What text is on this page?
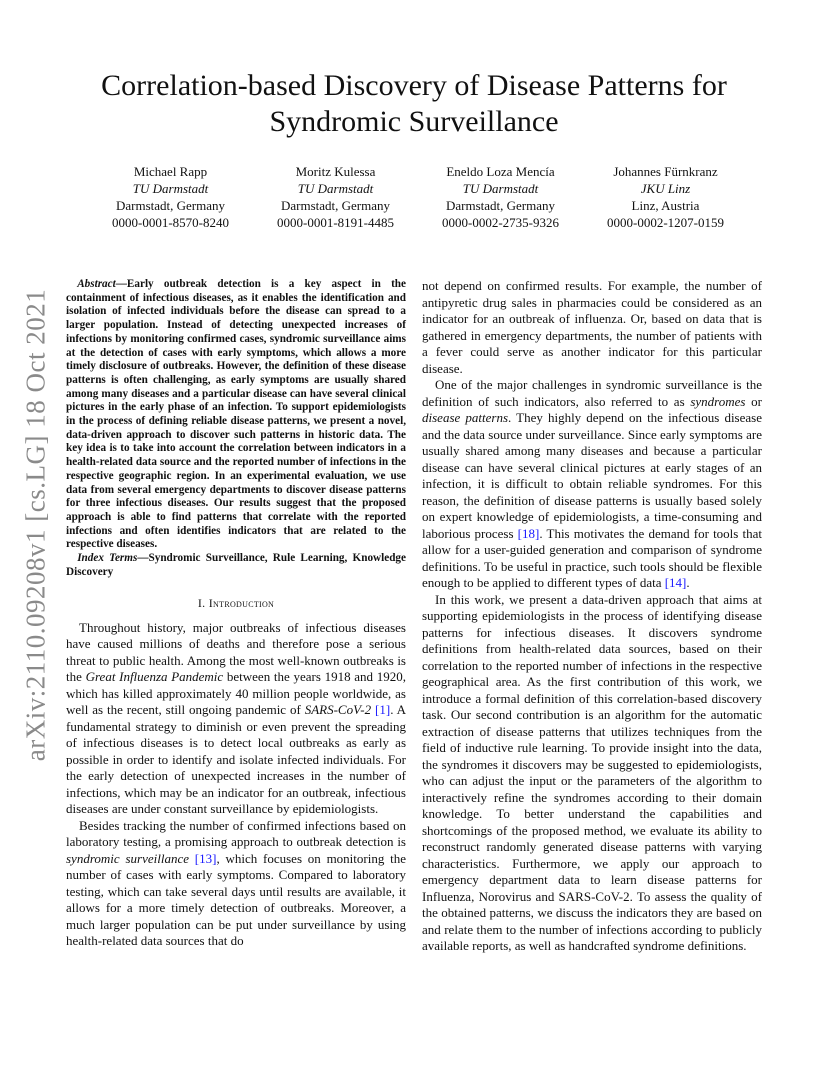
arXiv:2110.09208v1 [cs.LG] 18 Oct 2021
Correlation-based Discovery of Disease Patterns for Syndromic Surveillance
Michael Rapp
TU Darmstadt
Darmstadt, Germany
0000-0001-8570-8240
Moritz Kulessa
TU Darmstadt
Darmstadt, Germany
0000-0001-8191-4485
Eneldo Loza Mencía
TU Darmstadt
Darmstadt, Germany
0000-0002-2735-9326
Johannes Fürnkranz
JKU Linz
Linz, Austria
0000-0002-1207-0159

Abstract—Early outbreak detection is a key aspect in the containment of infectious diseases, as it enables the identification and isolation of infected individuals before the disease can spread to a larger population. Instead of detecting unexpected increases of infections by monitoring confirmed cases, syndromic surveillance aims at the detection of cases with early symptoms, which allows a more timely disclosure of outbreaks. However, the definition of these disease patterns is often challenging, as early symptoms are usually shared among many diseases and a particular disease can have several clinical pictures in the early phase of an infection. To support epidemiologists in the process of defining reliable disease patterns, we present a novel, data-driven approach to discover such patterns in historic data. The key idea is to take into account the correlation between indicators in a health-related data source and the reported number of infections in the respective geographic region. In an experimental evaluation, we use data from several emergency departments to discover disease patterns for three infectious diseases. Our results suggest that the proposed approach is able to find patterns that correlate with the reported infections and often identifies indicators that are related to the respective diseases.

Index Terms—Syndromic Surveillance, Rule Learning, Knowledge Discovery

I. Introduction

Throughout history, major outbreaks of infectious diseases have caused millions of deaths and therefore pose a serious threat to public health. Among the most well-known outbreaks is the Great Influenza Pandemic between the years 1918 and 1920, which has killed approximately 40 million people worldwide, as well as the recent, still ongoing pandemic of SARS-CoV-2 [1]. A fundamental strategy to diminish or even prevent the spreading of infectious diseases is to detect local outbreaks as early as possible in order to identify and isolate infected individuals. For the early detection of unexpected increases in the number of infections, which may be an indicator for an outbreak, infectious diseases are under constant surveillance by epidemiologists.

Besides tracking the number of confirmed infections based on laboratory testing, a promising approach to outbreak detection is syndromic surveillance [13], which focuses on monitoring the number of cases with early symptoms. Compared to laboratory testing, which can take several days until results are available, it allows for a more timely detection of outbreaks. Moreover, a much larger population can be put under surveillance by using health-related data sources that do

not depend on confirmed results. For example, the number of antipyretic drug sales in pharmacies could be considered as an indicator for an outbreak of influenza. Or, based on data that is gathered in emergency departments, the number of patients with a fever could serve as another indicator for this particular disease.

One of the major challenges in syndromic surveillance is the definition of such indicators, also referred to as syndromes or disease patterns. They highly depend on the infectious disease and the data source under surveillance. Since early symptoms are usually shared among many diseases and because a particular disease can have several clinical pictures at early stages of an infection, it is difficult to obtain reliable syndromes. For this reason, the definition of disease patterns is usually based solely on expert knowledge of epidemiologists, a time-consuming and laborious process [18]. This motivates the demand for tools that allow for a user-guided generation and comparison of syndrome definitions. To be useful in practice, such tools should be flexible enough to be applied to different types of data [14].

In this work, we present a data-driven approach that aims at supporting epidemiologists in the process of identifying disease patterns for infectious diseases. It discovers syndrome definitions from health-related data sources, based on their correlation to the reported number of infections in the respective geographical area. As the first contribution of this work, we introduce a formal definition of this correlation-based discovery task. Our second contribution is an algorithm for the automatic extraction of disease patterns that utilizes techniques from the field of inductive rule learning. To provide insight into the data, the syndromes it discovers may be suggested to epidemiologists, who can adjust the input or the parameters of the algorithm to interactively refine the syndromes according to their domain knowledge. To better understand the capabilities and shortcomings of the proposed method, we evaluate its ability to reconstruct randomly generated disease patterns with varying characteristics. Furthermore, we apply our approach to emergency department data to learn disease patterns for Influenza, Norovirus and SARS-CoV-2. To assess the quality of the obtained patterns, we discuss the indicators they are based on and relate them to the number of infections according to publicly available reports, as well as handcrafted syndrome definitions.
